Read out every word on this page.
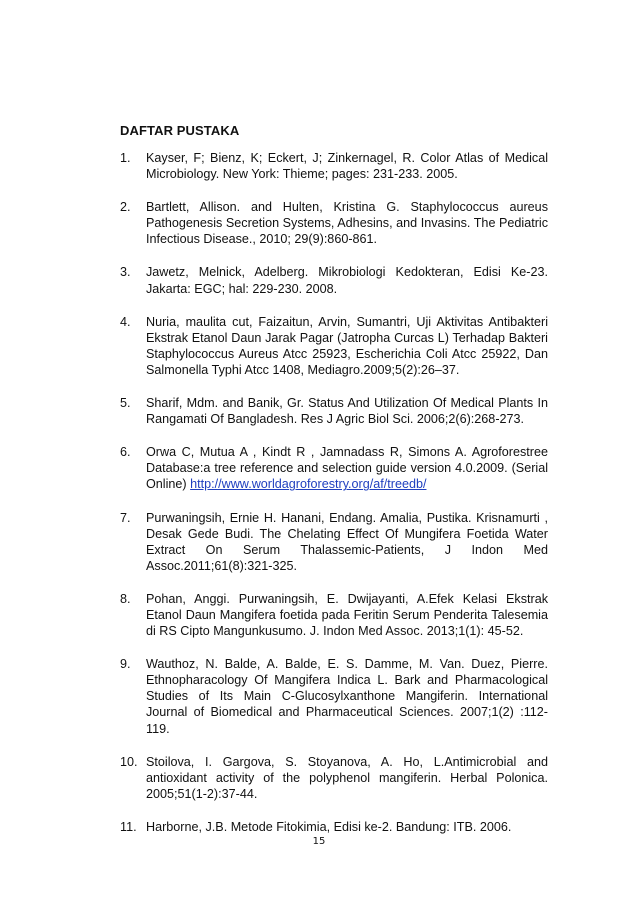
DAFTAR PUSTAKA
1. Kayser, F; Bienz, K; Eckert, J; Zinkernagel, R. Color Atlas of Medical Microbiology. New York: Thieme; pages: 231-233. 2005.
2. Bartlett, Allison. and Hulten, Kristina G. Staphylococcus aureus Pathogenesis Secretion Systems, Adhesins, and Invasins. The Pediatric Infectious Disease., 2010; 29(9):860-861.
3. Jawetz, Melnick, Adelberg. Mikrobiologi Kedokteran, Edisi Ke-23. Jakarta: EGC; hal: 229-230. 2008.
4. Nuria, maulita cut, Faizaitun, Arvin, Sumantri, Uji Aktivitas Antibakteri Ekstrak Etanol Daun Jarak Pagar (Jatropha Curcas L) Terhadap Bakteri Staphylococcus Aureus Atcc 25923, Escherichia Coli Atcc 25922, Dan Salmonella Typhi Atcc 1408, Mediagro.2009;5(2):26–37.
5. Sharif, Mdm. and Banik, Gr. Status And Utilization Of Medical Plants In Rangamati Of Bangladesh. Res J Agric Biol Sci. 2006;2(6):268-273.
6. Orwa C, Mutua A , Kindt R , Jamnadass R, Simons A. Agroforestree Database:a tree reference and selection guide version 4.0.2009. (Serial Online) http://www.worldagroforestry.org/af/treedb/
7. Purwaningsih, Ernie H. Hanani, Endang. Amalia, Pustika. Krisnamurti , Desak Gede Budi. The Chelating Effect Of Mungifera Foetida Water Extract On Serum Thalassemic-Patients, J Indon Med Assoc.2011;61(8):321-325.
8. Pohan, Anggi. Purwaningsih, E. Dwijayanti, A.Efek Kelasi Ekstrak Etanol Daun Mangifera foetida pada Feritin Serum Penderita Talesemia di RS Cipto Mangunkusumo. J. Indon Med Assoc. 2013;1(1): 45-52.
9. Wauthoz, N. Balde, A. Balde, E. S. Damme, M. Van. Duez, Pierre. Ethnopharacology Of Mangifera Indica L. Bark and Pharmacological Studies of Its Main C-Glucosylxanthone Mangiferin. International Journal of Biomedical and Pharmaceutical Sciences. 2007;1(2) :112-119.
10. Stoilova, I. Gargova, S. Stoyanova, A. Ho, L.Antimicrobial and antioxidant activity of the polyphenol mangiferin. Herbal Polonica. 2005;51(1-2):37-44.
11. Harborne, J.B. Metode Fitokimia, Edisi ke-2. Bandung: ITB. 2006.
15
